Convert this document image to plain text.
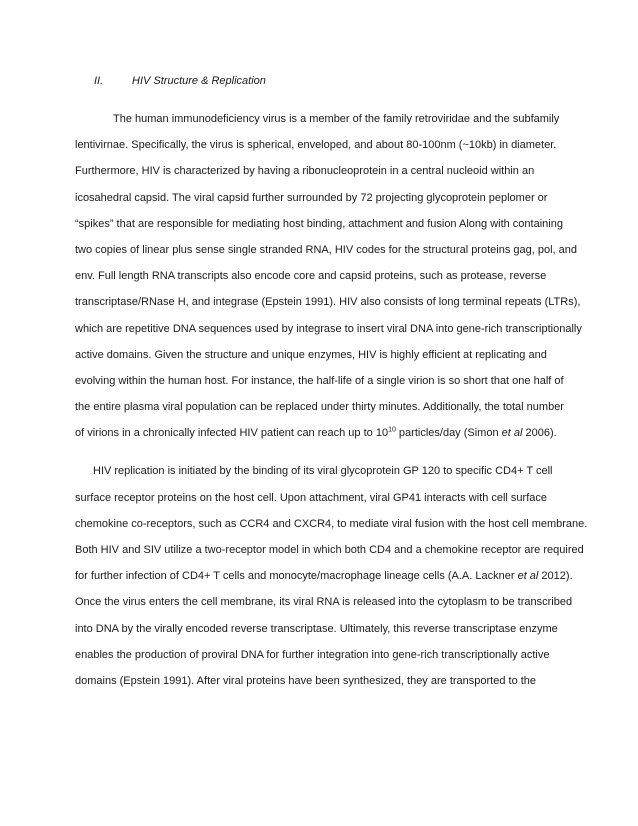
II.	HIV Structure & Replication
The human immunodeficiency virus is a member of the family retroviridae and the subfamily
lentivirnae. Specifically, the virus is spherical, enveloped, and about 80-100nm (~10kb) in diameter.
Furthermore, HIV is characterized by having a ribonucleoprotein in a central nucleoid within an
icosahedral capsid. The viral capsid further surrounded by 72 projecting glycoprotein peplomer or
“spikes” that are responsible for mediating host binding, attachment and fusion Along with containing
two copies of linear plus sense single stranded RNA, HIV codes for the structural proteins gag, pol, and
env. Full length RNA transcripts also encode core and capsid proteins, such as protease, reverse
transcriptase/RNase H, and integrase (Epstein 1991). HIV also consists of long terminal repeats (LTRs),
which are repetitive DNA sequences used by integrase to insert viral DNA into gene-rich transcriptionally
active domains. Given the structure and unique enzymes, HIV is highly efficient at replicating and
evolving within the human host. For instance, the half-life of a single virion is so short that one half of
the entire plasma viral population can be replaced under thirty minutes. Additionally, the total number
of virions in a chronically infected HIV patient can reach up to $10^{10}$ particles/day (Simon et al 2006).
HIV replication is initiated by the binding of its viral glycoprotein GP 120 to specific CD4+ T cell
surface receptor proteins on the host cell. Upon attachment, viral GP41 interacts with cell surface
chemokine co-receptors, such as CCR4 and CXCR4, to mediate viral fusion with the host cell membrane.
Both HIV and SIV utilize a two-receptor model in which both CD4 and a chemokine receptor are required
for further infection of CD4+ T cells and monocyte/macrophage lineage cells (A.A. Lackner et al 2012).
Once the virus enters the cell membrane, its viral RNA is released into the cytoplasm to be transcribed
into DNA by the virally encoded reverse transcriptase. Ultimately, this reverse transcriptase enzyme
enables the production of proviral DNA for further integration into gene-rich transcriptionally active
domains (Epstein 1991). After viral proteins have been synthesized, they are transported to the
